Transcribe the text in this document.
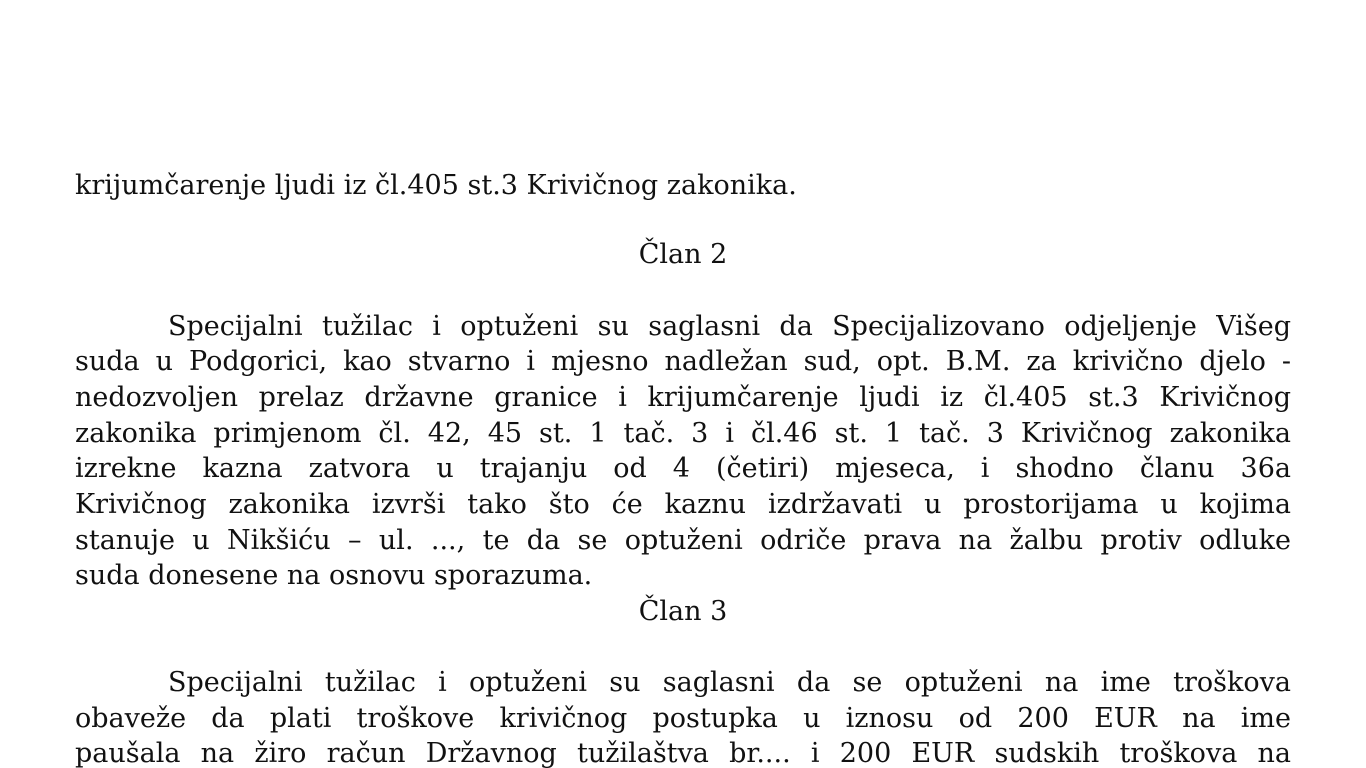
krijumčarenje ljudi iz čl.405 st.3 Krivičnog zakonika.
Član 2
Specijalni tužilac i optuženi su saglasni da Specijalizovano odjeljenje Višeg
suda u Podgorici, kao stvarno i mjesno nadležan sud, opt. B.M. za krivično djelo -
nedozvoljen prelaz državne granice i krijumčarenje ljudi iz čl.405 st.3 Krivičnog
zakonika primjenom čl. 42, 45 st. 1 tač. 3 i čl.46 st. 1 tač. 3 Krivičnog zakonika
izrekne kazna zatvora u trajanju od 4 (četiri) mjeseca, i shodno članu 36a
Krivičnog zakonika izvrši tako što će kaznu izdržavati u prostorijama u kojima
stanuje u Nikšiću – ul. ..., te da se optuženi odriče prava na žalbu protiv odluke
suda donesene na osnovu sporazuma.
Član 3
Specijalni tužilac i optuženi su saglasni da se optuženi na ime troškova
obaveže da plati troškove krivičnog postupka u iznosu od 200 EUR na ime
paušala na žiro račun Državnog tužilaštva br.... i 200 EUR sudskih troškova na
